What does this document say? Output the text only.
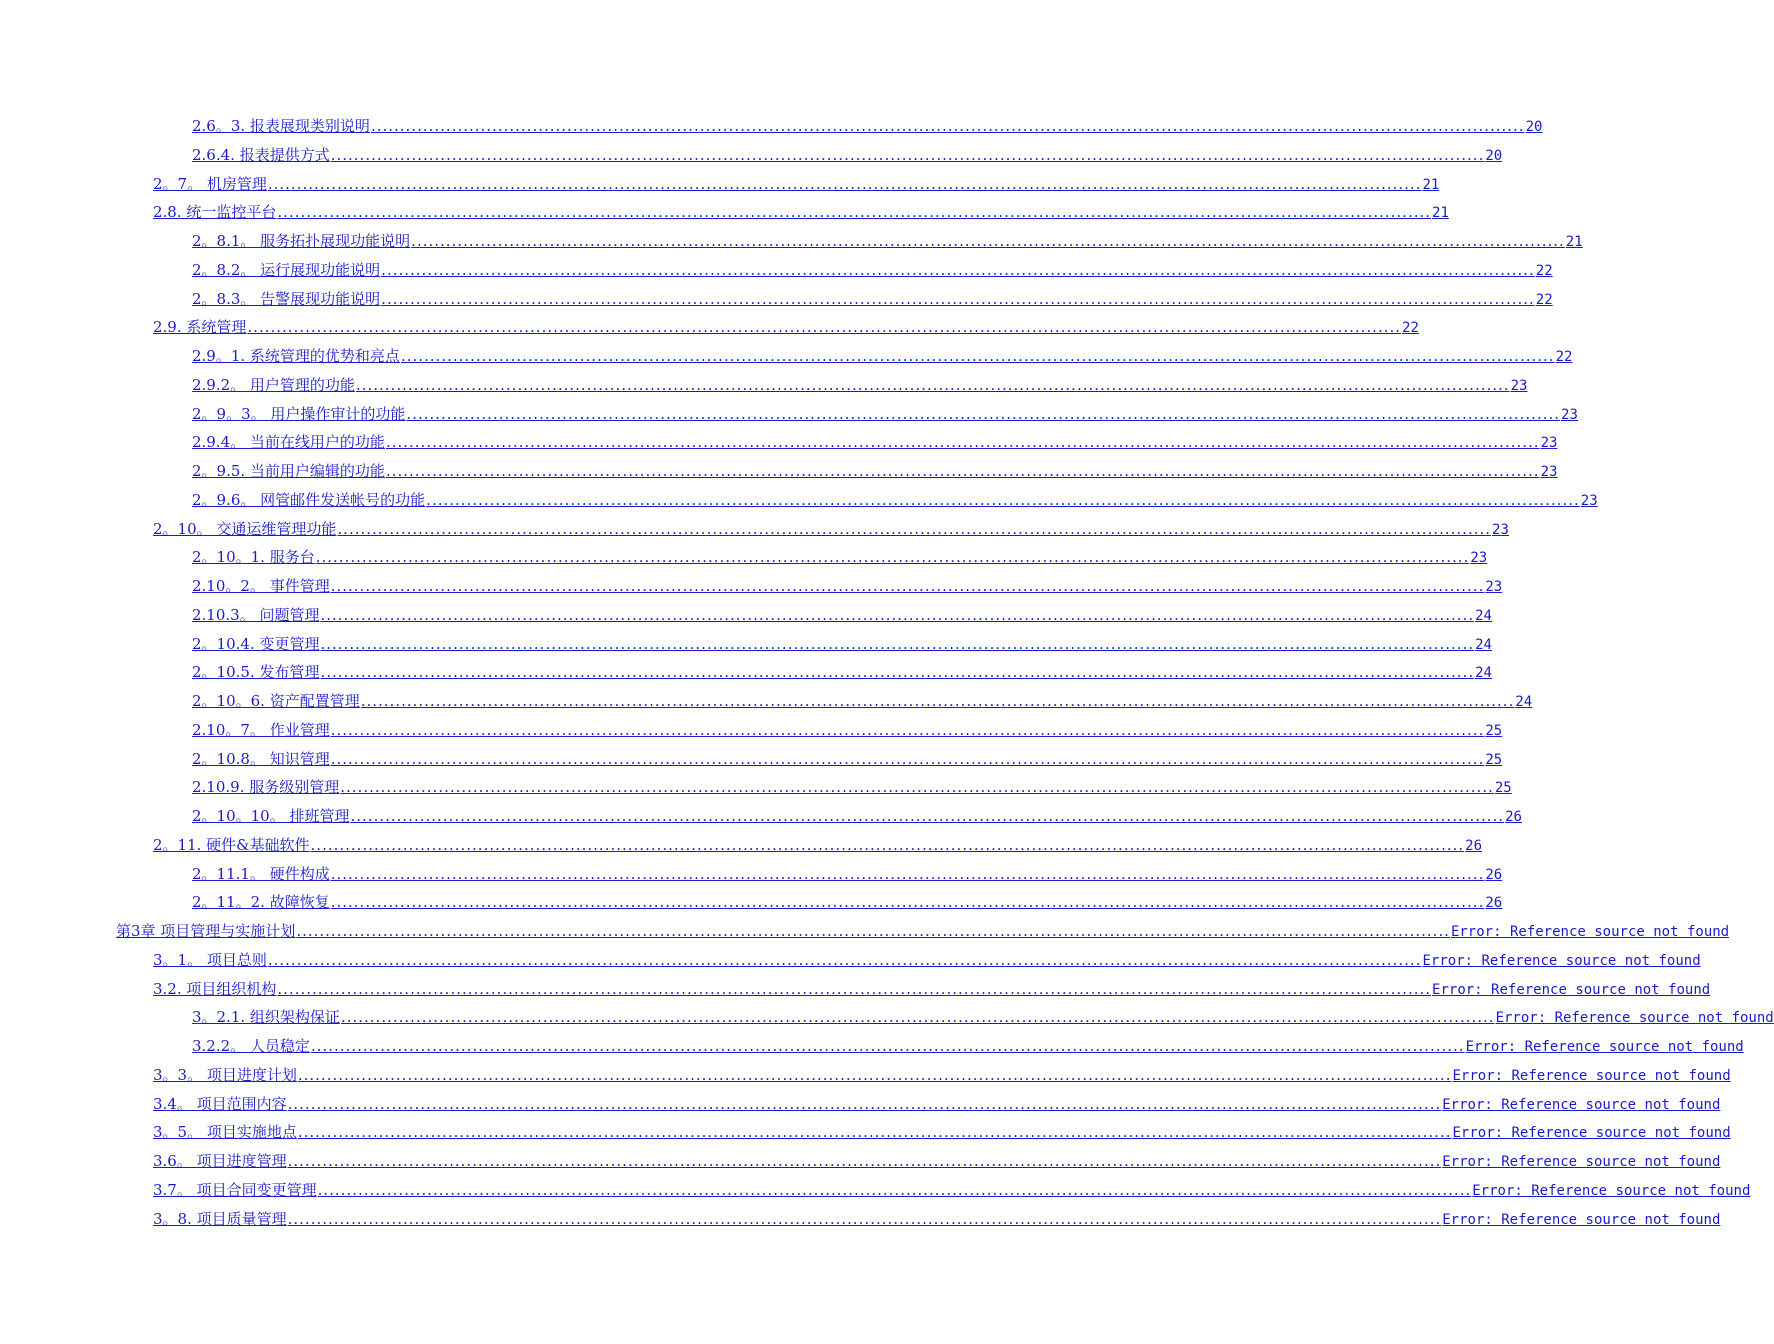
2.6。3. 报表展现类别说明 ........................................................................................................................................................................................................ 20
2.6.4. 报表提供方式 ........................................................................................................................................................................................................ 20
2。7。 机房管理 ........................................................................................................................................................................................................ 21
2.8. 统一监控平台 ........................................................................................................................................................................................................ 21
2。8.1。 服务拓扑展现功能说明 ........................................................................................................................................................................................................ 21
2。8.2。 运行展现功能说明 ........................................................................................................................................................................................................ 22
2。8.3。 告警展现功能说明 ........................................................................................................................................................................................................ 22
2.9. 系统管理 ........................................................................................................................................................................................................ 22
2.9。1. 系统管理的优势和亮点 ........................................................................................................................................................................................................ 22
2.9.2。 用户管理的功能 ........................................................................................................................................................................................................ 23
2。9。3。 用户操作审计的功能 ........................................................................................................................................................................................................ 23
2.9.4。 当前在线用户的功能 ........................................................................................................................................................................................................ 23
2。9.5. 当前用户编辑的功能 ........................................................................................................................................................................................................ 23
2。9.6。 网管邮件发送帐号的功能 ........................................................................................................................................................................................................ 23
2。10。 交通运维管理功能 ........................................................................................................................................................................................................ 23
2。10。1. 服务台 ........................................................................................................................................................................................................ 23
2.10。2。 事件管理 ........................................................................................................................................................................................................ 23
2.10.3。 问题管理 ........................................................................................................................................................................................................ 24
2。10.4. 变更管理 ........................................................................................................................................................................................................ 24
2。10.5. 发布管理 ........................................................................................................................................................................................................ 24
2。10。6. 资产配置管理 ........................................................................................................................................................................................................ 24
2.10。7。 作业管理 ........................................................................................................................................................................................................ 25
2。10.8。 知识管理 ........................................................................................................................................................................................................ 25
2.10.9. 服务级别管理 ........................................................................................................................................................................................................ 25
2。10。10。 排班管理 ........................................................................................................................................................................................................ 26
2。11. 硬件&基础软件 ........................................................................................................................................................................................................ 26
2。11.1。 硬件构成 ........................................................................................................................................................................................................ 26
2。11。2. 故障恢复 ........................................................................................................................................................................................................ 26
第3章 项目管理与实施计划 ........................................................................................................................................................................................................ Error: Reference source not found
3。1。 项目总则 ........................................................................................................................................................................................................ Error: Reference source not found
3.2. 项目组织机构 ........................................................................................................................................................................................................ Error: Reference source not found
3。2.1. 组织架构保证 ........................................................................................................................................................................................................ Error: Reference source not found
3.2.2。 人员稳定 ........................................................................................................................................................................................................ Error: Reference source not found
3。3。 项目进度计划 ........................................................................................................................................................................................................ Error: Reference source not found
3.4。 项目范围内容 ........................................................................................................................................................................................................ Error: Reference source not found
3。5。 项目实施地点 ........................................................................................................................................................................................................ Error: Reference source not found
3.6。 项目进度管理 ........................................................................................................................................................................................................ Error: Reference source not found
3.7。 项目合同变更管理 ........................................................................................................................................................................................................ Error: Reference source not found
3。8. 项目质量管理 ........................................................................................................................................................................................................ Error: Reference source not found
